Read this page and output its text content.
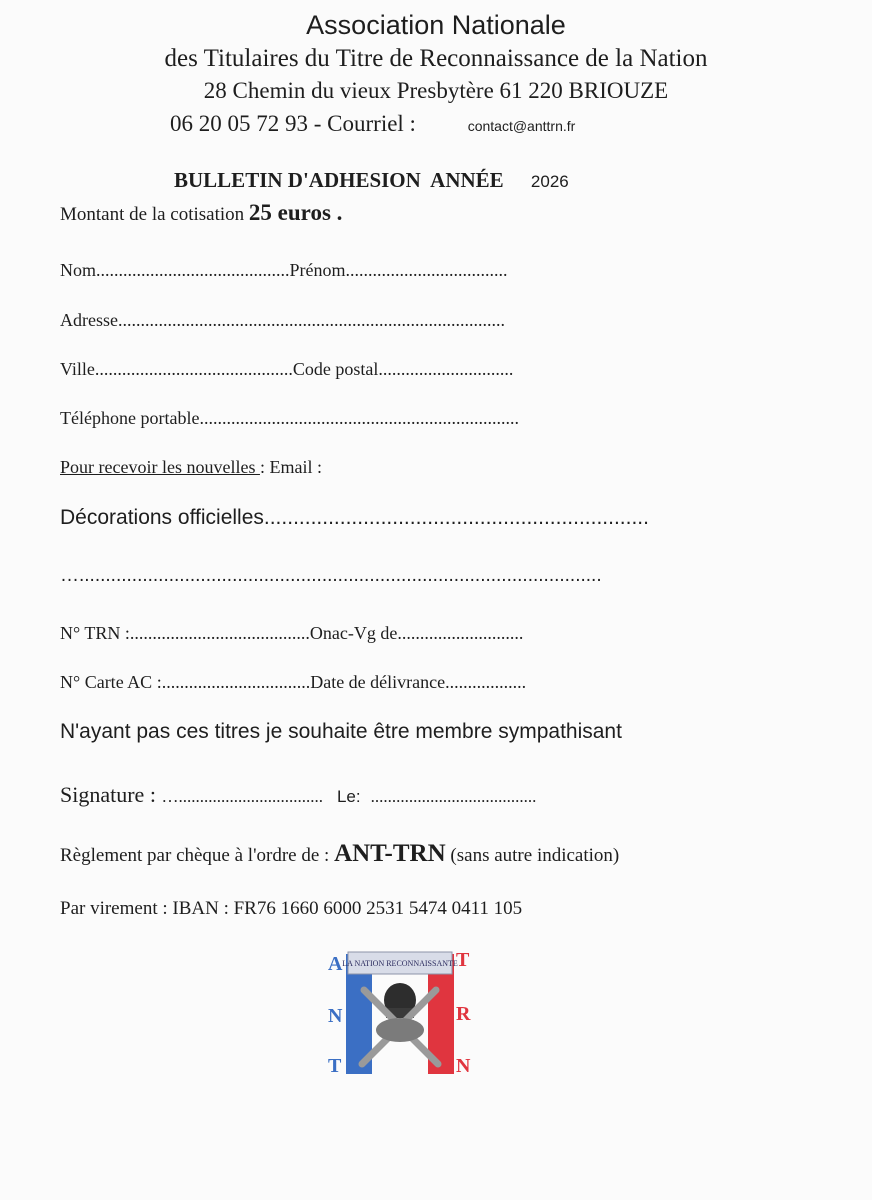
Association Nationale
des Titulaires du Titre de Reconnaissance de la Nation
28 Chemin du vieux Presbytère 61 220 BRIOUZE
06 20 05 72 93 - Courriel :	contact@anttrn.fr
BULLETIN D'ADHESION  ANNÉE 2026
Montant de la cotisation 25 euros .
Nom...........................................Prénom....................................
Adresse......................................................................................
Ville............................................Code postal..............................
Téléphone portable.......................................................................
Pour recevoir les nouvelles : Email :
Décorations officielles..................................................................
…...................................................................................................
N° TRN :........................................Onac-Vg de............................
N° Carte AC :.................................Date de délivrance..................
N'ayant pas ces titres je souhaite être membre sympathisant
Signature : ….................................. Le: .......................................
Règlement par chèque à l'ordre de : ANT-TRN (sans autre indication)
Par virement : IBAN : FR76 1660 6000 2531 5474 0411 105
LA NATION RECONNAISSANTE
A
N
T
T
R
N
